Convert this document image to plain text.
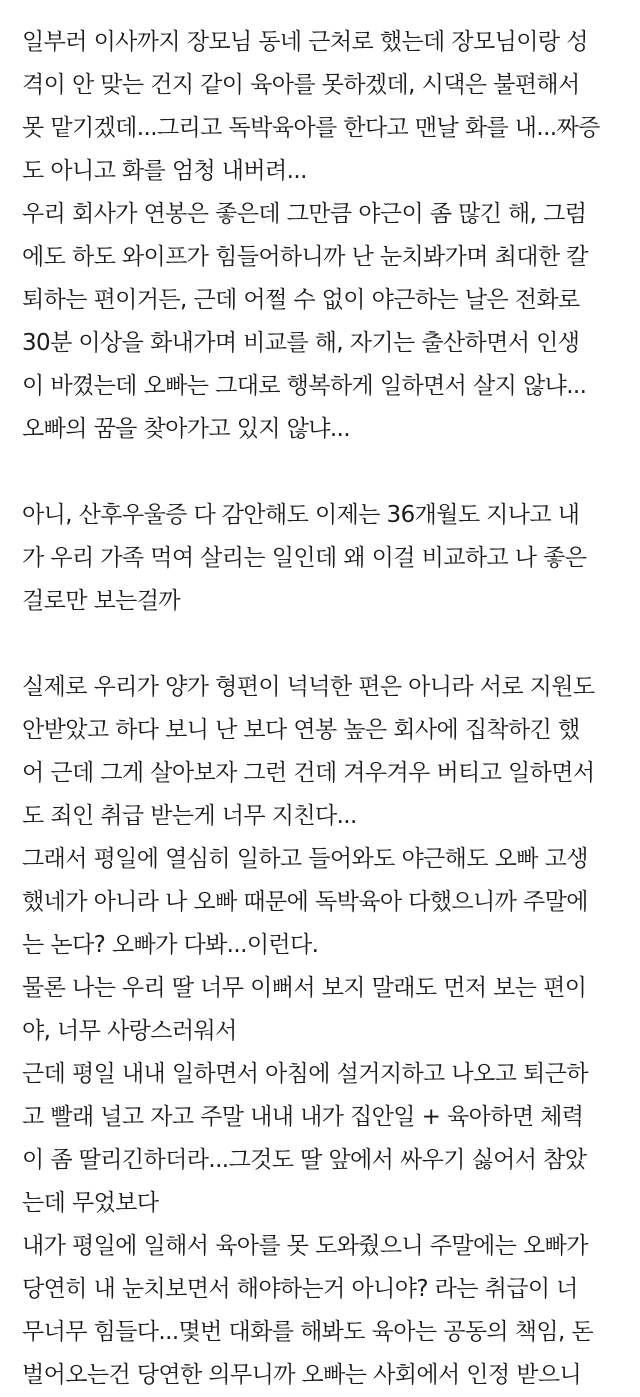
일부러 이사까지 장모님 동네 근처로 했는데 장모님이랑 성
격이 안 맞는 건지 같이 육아를 못하겠데, 시댁은 불편해서
못 맡기겠데...그리고 독박육아를 한다고 맨날 화를 내...짜증
도 아니고 화를 엄청 내버려...
우리 회사가 연봉은 좋은데 그만큼 야근이 좀 많긴 해, 그럼
에도 하도 와이프가 힘들어하니까 난 눈치봐가며 최대한 칼
퇴하는 편이거든, 근데 어쩔 수 없이 야근하는 날은 전화로
30분 이상을 화내가며 비교를 해, 자기는 출산하면서 인생
이 바꼈는데 오빠는 그대로 행복하게 일하면서 살지 않냐...
오빠의 꿈을 찾아가고 있지 않냐...
아니, 산후우울증 다 감안해도 이제는 36개월도 지나고 내
가 우리 가족 먹여 살리는 일인데 왜 이걸 비교하고 나 좋은
걸로만 보는걸까
실제로 우리가 양가 형편이 넉넉한 편은 아니라 서로 지원도
안받았고 하다 보니 난 보다 연봉 높은 회사에 집착하긴 했
어 근데 그게 살아보자 그런 건데 겨우겨우 버티고 일하면서
도 죄인 취급 받는게 너무 지친다...
그래서 평일에 열심히 일하고 들어와도 야근해도 오빠 고생
했네가 아니라 나 오빠 때문에 독박육아 다했으니까 주말에
는 논다? 오빠가 다봐...이런다.
물론 나는 우리 딸 너무 이뻐서 보지 말래도 먼저 보는 편이
야, 너무 사랑스러워서
근데 평일 내내 일하면서 아침에 설거지하고 나오고 퇴근하
고 빨래 널고 자고 주말 내내 내가 집안일 + 육아하면 체력
이 좀 딸리긴하더라...그것도 딸 앞에서 싸우기 싫어서 참았
는데 무었보다
내가 평일에 일해서 육아를 못 도와줬으니 주말에는 오빠가
당연히 내 눈치보면서 해야하는거 아니야? 라는 취급이 너
무너무 힘들다...몇번 대화를 해봐도 육아는 공동의 책임, 돈
벌어오는건 당연한 의무니까 오빠는 사회에서 인정 받으니
